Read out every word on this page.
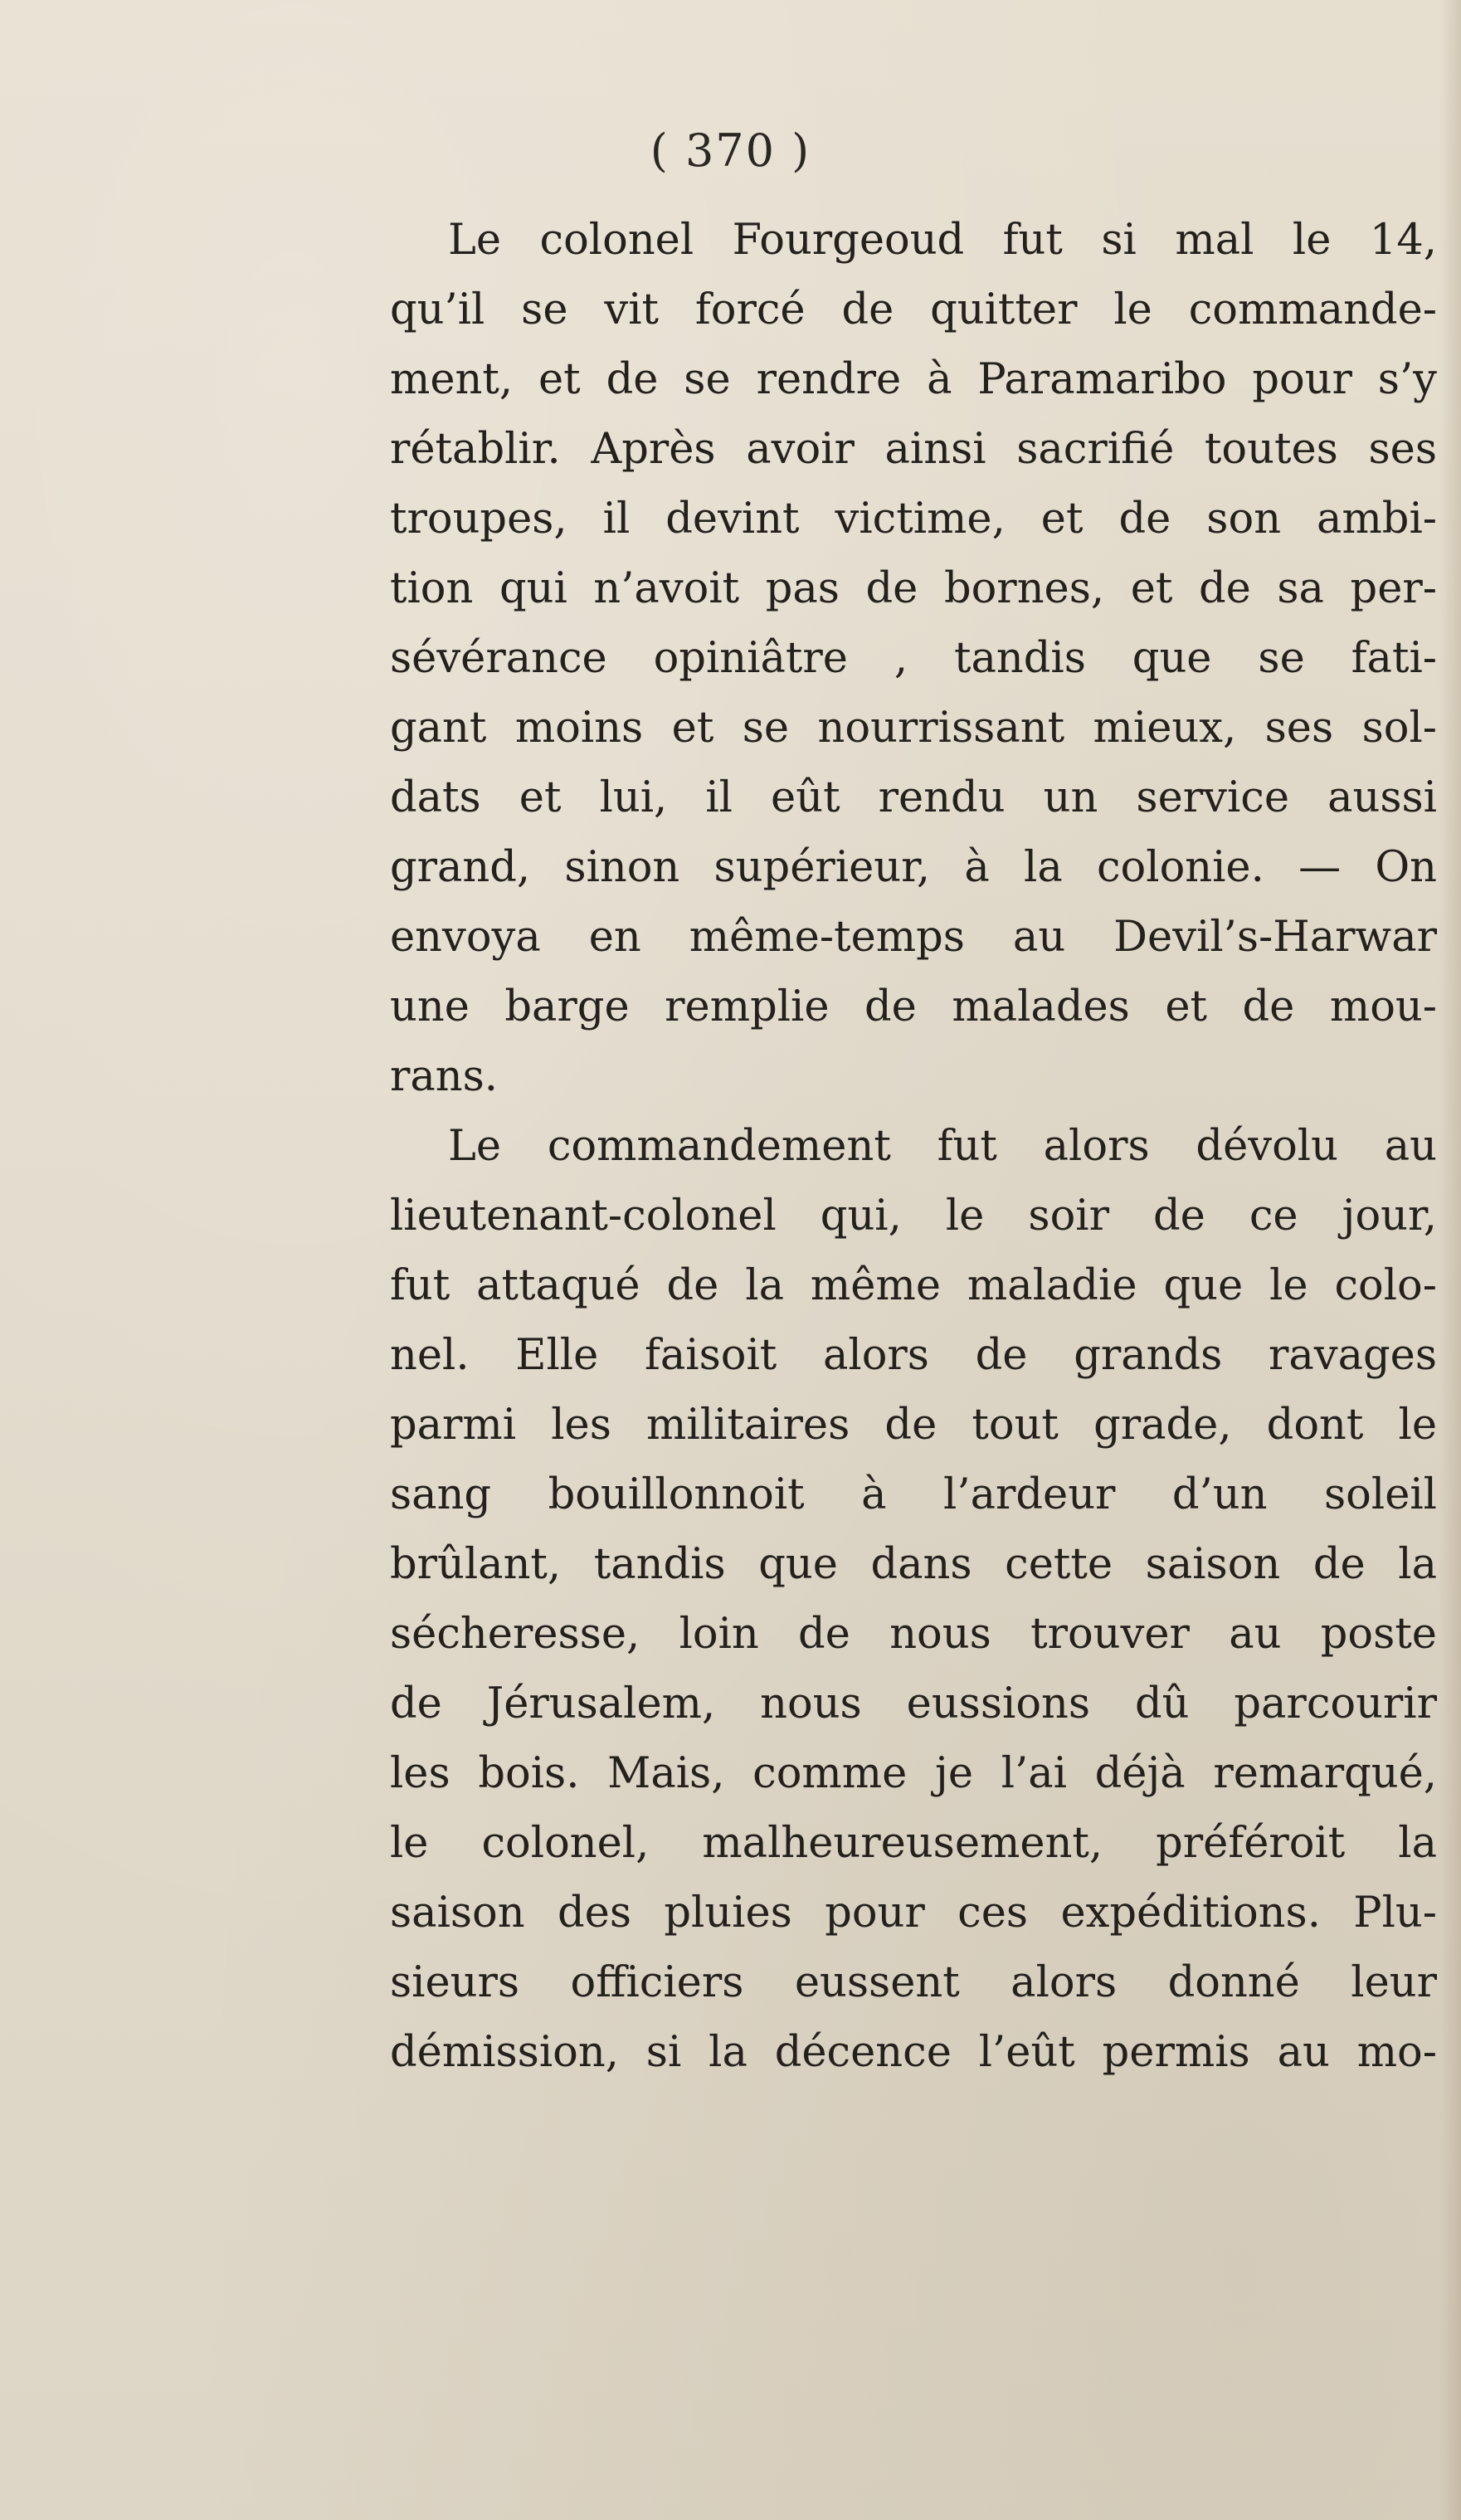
( 370 )
Le colonel Fourgeoud fut si mal le 14,
qu’il se vit forcé de quitter le commande-
ment, et de se rendre à Paramaribo pour s’y
rétablir. Après avoir ainsi sacrifié toutes ses
troupes, il devint victime, et de son ambi-
tion qui n’avoit pas de bornes, et de sa per-
sévérance opiniâtre , tandis que se fati-
gant moins et se nourrissant mieux, ses sol-
dats et lui, il eût rendu un service aussi
grand, sinon supérieur, à la colonie. — On
envoya en même-temps au Devil’s-Harwar
une barge remplie de malades et de mou-
rans.
Le commandement fut alors dévolu au
lieutenant-colonel qui, le soir de ce jour,
fut attaqué de la même maladie que le colo-
nel. Elle faisoit alors de grands ravages
parmi les militaires de tout grade, dont le
sang bouillonnoit à l’ardeur d’un soleil
brûlant, tandis que dans cette saison de la
sécheresse, loin de nous trouver au poste
de Jérusalem, nous eussions dû parcourir
les bois. Mais, comme je l’ai déjà remarqué,
le colonel, malheureusement, préféroit la
saison des pluies pour ces expéditions. Plu-
sieurs officiers eussent alors donné leur
démission, si la décence l’eût permis au mo-
